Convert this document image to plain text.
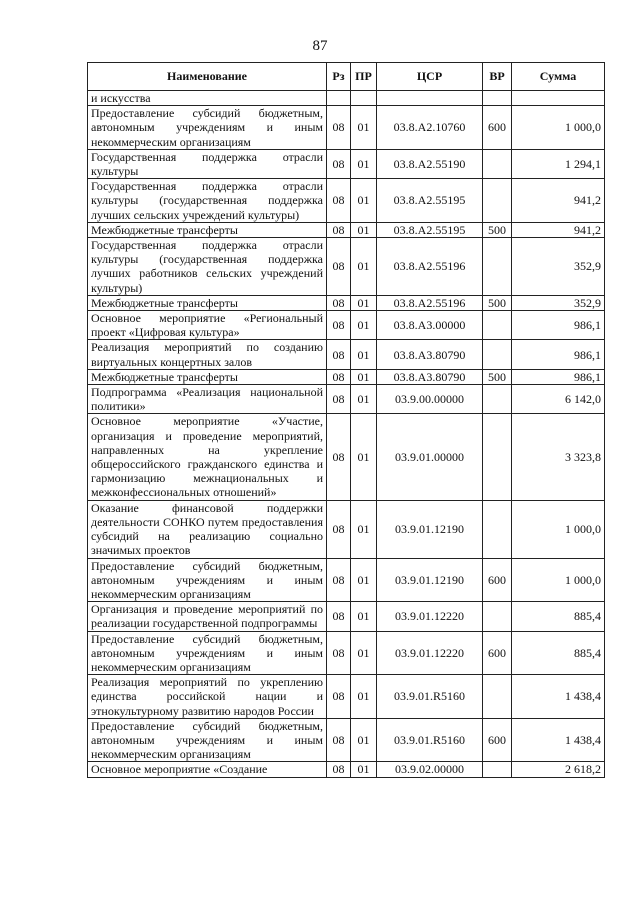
87
Наименование	Рз	ПР	ЦСР	ВР	Сумма
и искусства					
Предоставление субсидий бюджетным, автономным учреждениям и иным некоммерческим организациям	08	01	03.8.А2.10760	600	1 000,0
Государственная поддержка отрасли культуры	08	01	03.8.А2.55190		1 294,1
Государственная поддержка отрасли культуры (государственная поддержка лучших сельских учреждений культуры)	08	01	03.8.А2.55195		941,2
Межбюджетные трансферты	08	01	03.8.А2.55195	500	941,2
Государственная поддержка отрасли культуры (государственная поддержка лучших работников сельских учреждений культуры)	08	01	03.8.А2.55196		352,9
Межбюджетные трансферты	08	01	03.8.А2.55196	500	352,9
Основное мероприятие «Региональный проект «Цифровая культура»	08	01	03.8.А3.00000		986,1
Реализация мероприятий по созданию виртуальных концертных залов	08	01	03.8.А3.80790		986,1
Межбюджетные трансферты	08	01	03.8.А3.80790	500	986,1
Подпрограмма «Реализация национальной политики»	08	01	03.9.00.00000		6 142,0
Основное мероприятие «Участие, организация и проведение мероприятий, направленных на укрепление общероссийского гражданского единства и гармонизацию межнациональных и межконфессиональных отношений»	08	01	03.9.01.00000		3 323,8
Оказание финансовой поддержки деятельности СОНКО путем предоставления субсидий на реализацию социально значимых проектов	08	01	03.9.01.12190		1 000,0
Предоставление субсидий бюджетным, автономным учреждениям и иным некоммерческим организациям	08	01	03.9.01.12190	600	1 000,0
Организация и проведение мероприятий по реализации государственной подпрограммы	08	01	03.9.01.12220		885,4
Предоставление субсидий бюджетным, автономным учреждениям и иным некоммерческим организациям	08	01	03.9.01.12220	600	885,4
Реализация мероприятий по укреплению единства российской нации и этнокультурному развитию народов России	08	01	03.9.01.R5160		1 438,4
Предоставление субсидий бюджетным, автономным учреждениям и иным некоммерческим организациям	08	01	03.9.01.R5160	600	1 438,4
Основное мероприятие «Создание	08	01	03.9.02.00000		2 618,2
